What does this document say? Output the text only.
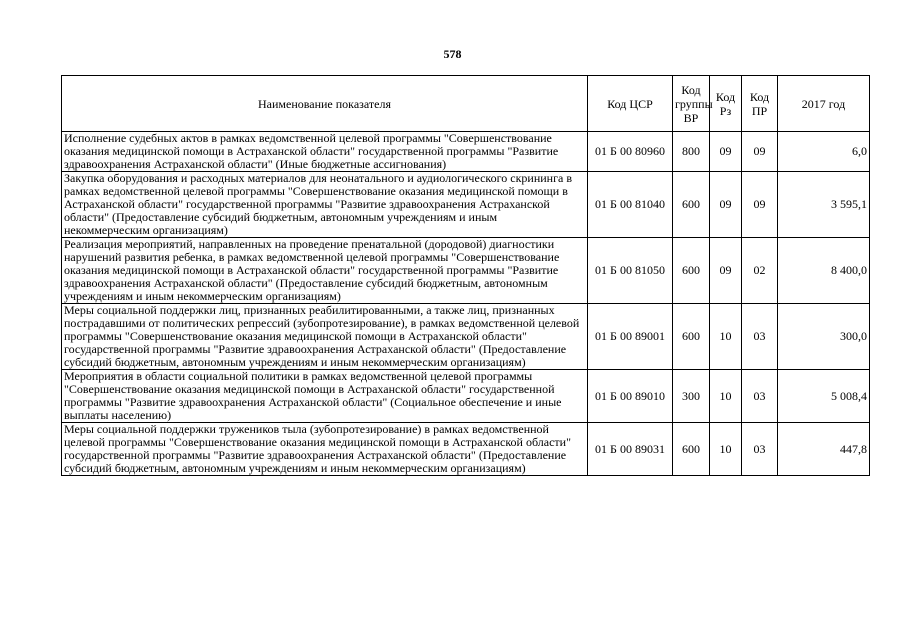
578
Наименование показателя	Код ЦСР	Код группы ВР	Код Рз	Код ПР	2017 год
Исполнение судебных актов в рамках ведомственной целевой программы "Совершенствование оказания медицинской помощи в Астраханской области" государственной программы "Развитие здравоохранения Астраханской области" (Иные бюджетные ассигнования)	01 Б 00 80960	800	09	09	6,0
Закупка оборудования и расходных материалов для неонатального и аудиологического скрининга в рамках ведомственной целевой программы "Совершенствование оказания медицинской помощи в Астраханской области" государственной программы "Развитие здравоохранения Астраханской области" (Предоставление субсидий бюджетным, автономным учреждениям и иным некоммерческим организациям)	01 Б 00 81040	600	09	09	3 595,1
Реализация мероприятий, направленных на проведение пренатальной (дородовой) диагностики нарушений развития ребенка, в рамках ведомственной целевой программы "Совершенствование оказания медицинской помощи в Астраханской области" государственной программы "Развитие здравоохранения Астраханской области" (Предоставление субсидий бюджетным, автономным учреждениям и иным некоммерческим организациям)	01 Б 00 81050	600	09	02	8 400,0
Меры социальной поддержки лиц, признанных реабилитированными, а также лиц, признанных пострадавшими от политических репрессий (зубопротезирование), в рамках ведомственной целевой программы "Совершенствование оказания медицинской помощи в Астраханской области" государственной программы "Развитие здравоохранения Астраханской области" (Предоставление субсидий бюджетным, автономным учреждениям и иным некоммерческим организациям)	01 Б 00 89001	600	10	03	300,0
Мероприятия в области социальной политики в рамках ведомственной целевой программы "Совершенствование оказания медицинской помощи в Астраханской области" государственной программы "Развитие здравоохранения Астраханской области" (Социальное обеспечение и иные выплаты населению)	01 Б 00 89010	300	10	03	5 008,4
Меры социальной поддержки тружеников тыла (зубопротезирование) в рамках ведомственной целевой программы "Совершенствование оказания медицинской помощи в Астраханской области" государственной программы "Развитие здравоохранения Астраханской области" (Предоставление субсидий бюджетным, автономным учреждениям и иным некоммерческим организациям)	01 Б 00 89031	600	10	03	447,8
